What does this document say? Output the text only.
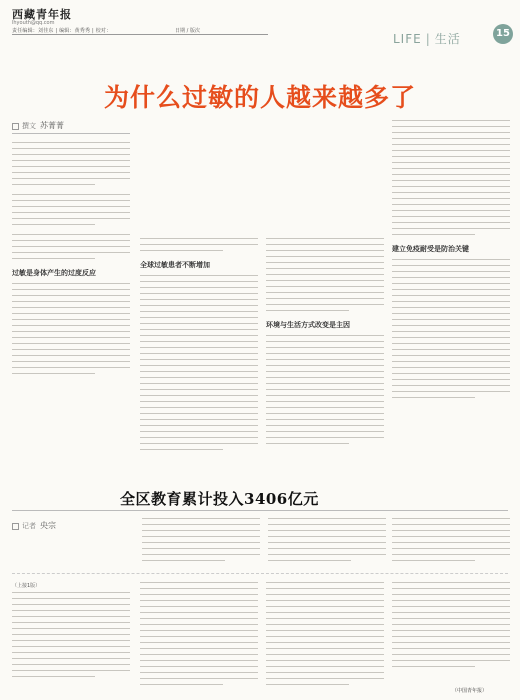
西藏青年报
lhyouth@qq.com
责任编辑：刘佳东 | 编辑：黄秀秀 | 校对：	日期 / 版次
LIFE | 生活	15
为什么过敏的人越来越多了
撰文 苏菁菁
过敏是身体产生的过度反应
全球过敏患者不断增加
环境与生活方式改变是主因
建立免疫耐受是防治关键
全区教育累计投入3406亿元
记者 央宗
（上接1版）
（中国青年报）
